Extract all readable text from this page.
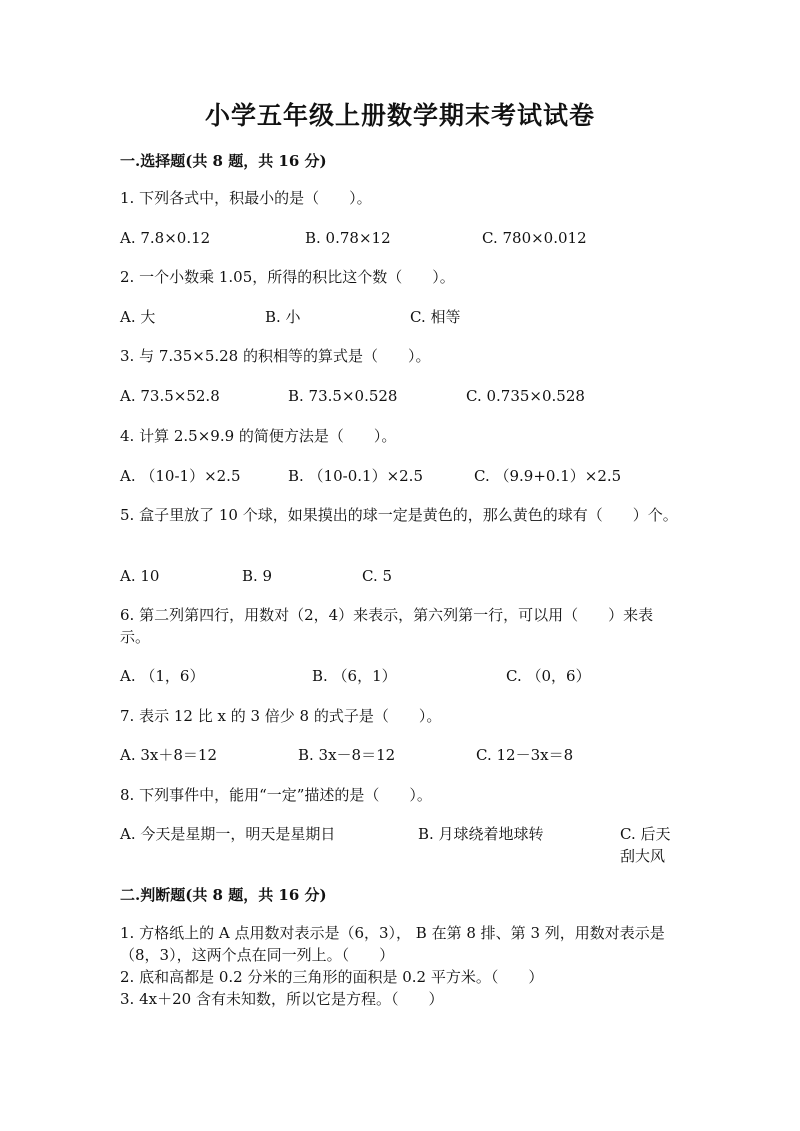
小学五年级上册数学期末考试试卷
一.选择题(共 8 题，共 16 分)
1. 下列各式中，积最小的是（　　）。
A. 7.8×0.12	B. 0.78×12	C. 780×0.012
2. 一个小数乘 1.05，所得的积比这个数（　　）。
A. 大	B. 小	C. 相等
3. 与 7.35×5.28 的积相等的算式是（　　）。
A. 73.5×52.8	B. 73.5×0.528	C. 0.735×0.528
4. 计算 2.5×9.9 的简便方法是（　　）。
A. （10-1）×2.5	B. （10-0.1）×2.5	C. （9.9+0.1）×2.5
5. 盒子里放了 10 个球，如果摸出的球一定是黄色的，那么黄色的球有（　　）个。
A. 10	B. 9	C. 5
6. 第二列第四行，用数对（2，4）来表示，第六列第一行，可以用（　　）来表示。
A. （1，6）	B. （6，1）	C. （0，6）
7. 表示 12 比 x 的 3 倍少 8 的式子是（　　）。
A. 3x＋8＝12	B. 3x－8＝12	C. 12－3x＝8
8. 下列事件中，能用“一定”描述的是（　　）。
A. 今天是星期一，明天是星期日	B. 月球绕着地球转	C. 后天刮大风
二.判断题(共 8 题，共 16 分)
1. 方格纸上的 A 点用数对表示是（6，3）， B 在第 8 排、第 3 列，用数对表示是（8，3），这两个点在同一列上。（　　）
2. 底和高都是 0.2 分米的三角形的面积是 0.2 平方米。（　　）
3. 4x＋20 含有未知数，所以它是方程。（　　）
